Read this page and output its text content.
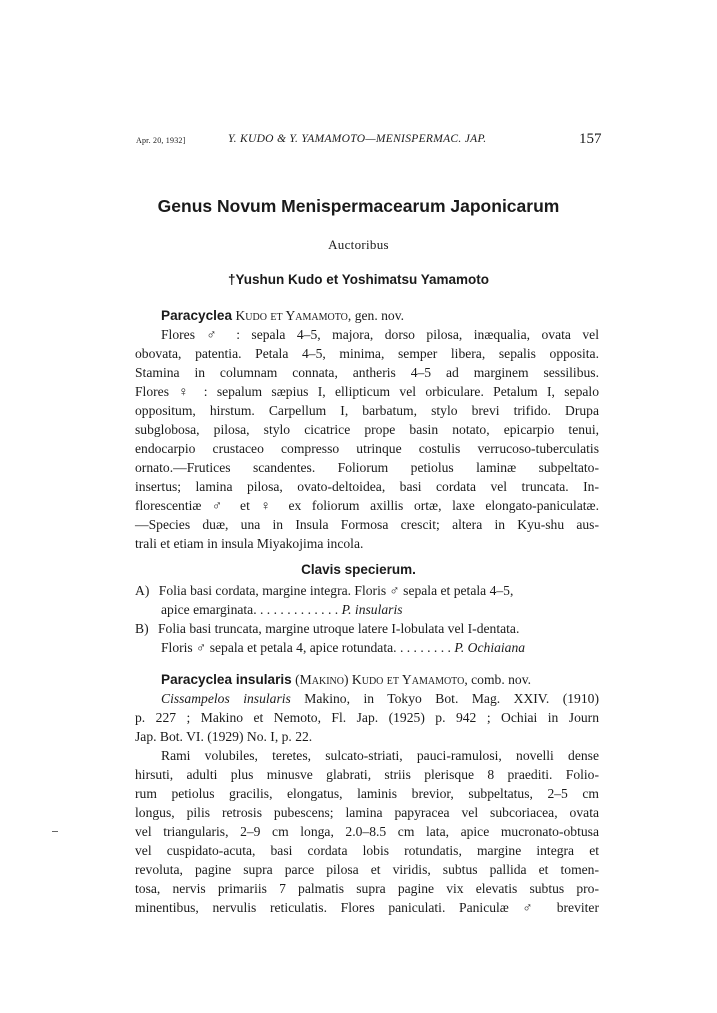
Apr. 20, 1932]	Y. KUDO & Y. YAMAMOTO—MENISPERMAC. JAP.	157
Genus Novum Menispermacearum Japonicarum
Auctoribus
†Yushun Kudo et Yoshimatsu Yamamoto
Paracyclea Kudo et Yamamoto, gen. nov.
Flores ♂ : sepala 4–5, majora, dorso pilosa, inæqualia, ovata vel
obovata, patentia. Petala 4–5, minima, semper libera, sepalis opposita.
Stamina in columnam connata, antheris 4–5 ad marginem sessilibus.
Flores ♀ : sepalum sæpius I, ellipticum vel orbiculare. Petalum I, sepalo
oppositum, hirstum. Carpellum I, barbatum, stylo brevi trifido. Drupa
subglobosa, pilosa, stylo cicatrice prope basin notato, epicarpio tenui,
endocarpio crustaceo compresso utrinque costulis verrucoso-tuberculatis
ornato.—Frutices scandentes. Foliorum petiolus laminæ subpeltato-
insertus; lamina pilosa, ovato-deltoidea, basi cordata vel truncata. In-
florescentiæ ♂ et ♀ ex foliorum axillis ortæ, laxe elongato-paniculatæ.
—Species duæ, una in Insula Formosa crescit; altera in Kyu-shu aus-
trali et etiam in insula Miyakojima incola.
Clavis specierum.
A) Folia basi cordata, margine integra. Floris ♂ sepala et petala 4–5,
apice emarginata. . . . . . . . . . . . . P. insularis
B) Folia basi truncata, margine utroque latere I-lobulata vel I-dentata.
Floris ♂ sepala et petala 4, apice rotundata. . . . . . . . . P. Ochiaiana
Paracyclea insularis (Makino) Kudo et Yamamoto, comb. nov.
Cissampelos insularis Makino, in Tokyo Bot. Mag. XXIV. (1910)
p. 227 ; Makino et Nemoto, Fl. Jap. (1925) p. 942 ; Ochiai in Journ
Jap. Bot. VI. (1929) No. I, p. 22.
Rami volubiles, teretes, sulcato-striati, pauci-ramulosi, novelli dense
hirsuti, adulti plus minusve glabrati, striis plerisque 8 praediti. Folio-
rum petiolus gracilis, elongatus, laminis brevior, subpeltatus, 2–5 cm
longus, pilis retrosis pubescens; lamina papyracea vel subcoriacea, ovata
vel triangularis, 2–9 cm longa, 2.0–8.5 cm lata, apice mucronato-obtusa
vel cuspidato-acuta, basi cordata lobis rotundatis, margine integra et
revoluta, pagine supra parce pilosa et viridis, subtus pallida et tomen-
tosa, nervis primariis 7 palmatis supra pagine vix elevatis subtus pro-
minentibus, nervulis reticulatis. Flores paniculati. Paniculæ ♂ breviter
